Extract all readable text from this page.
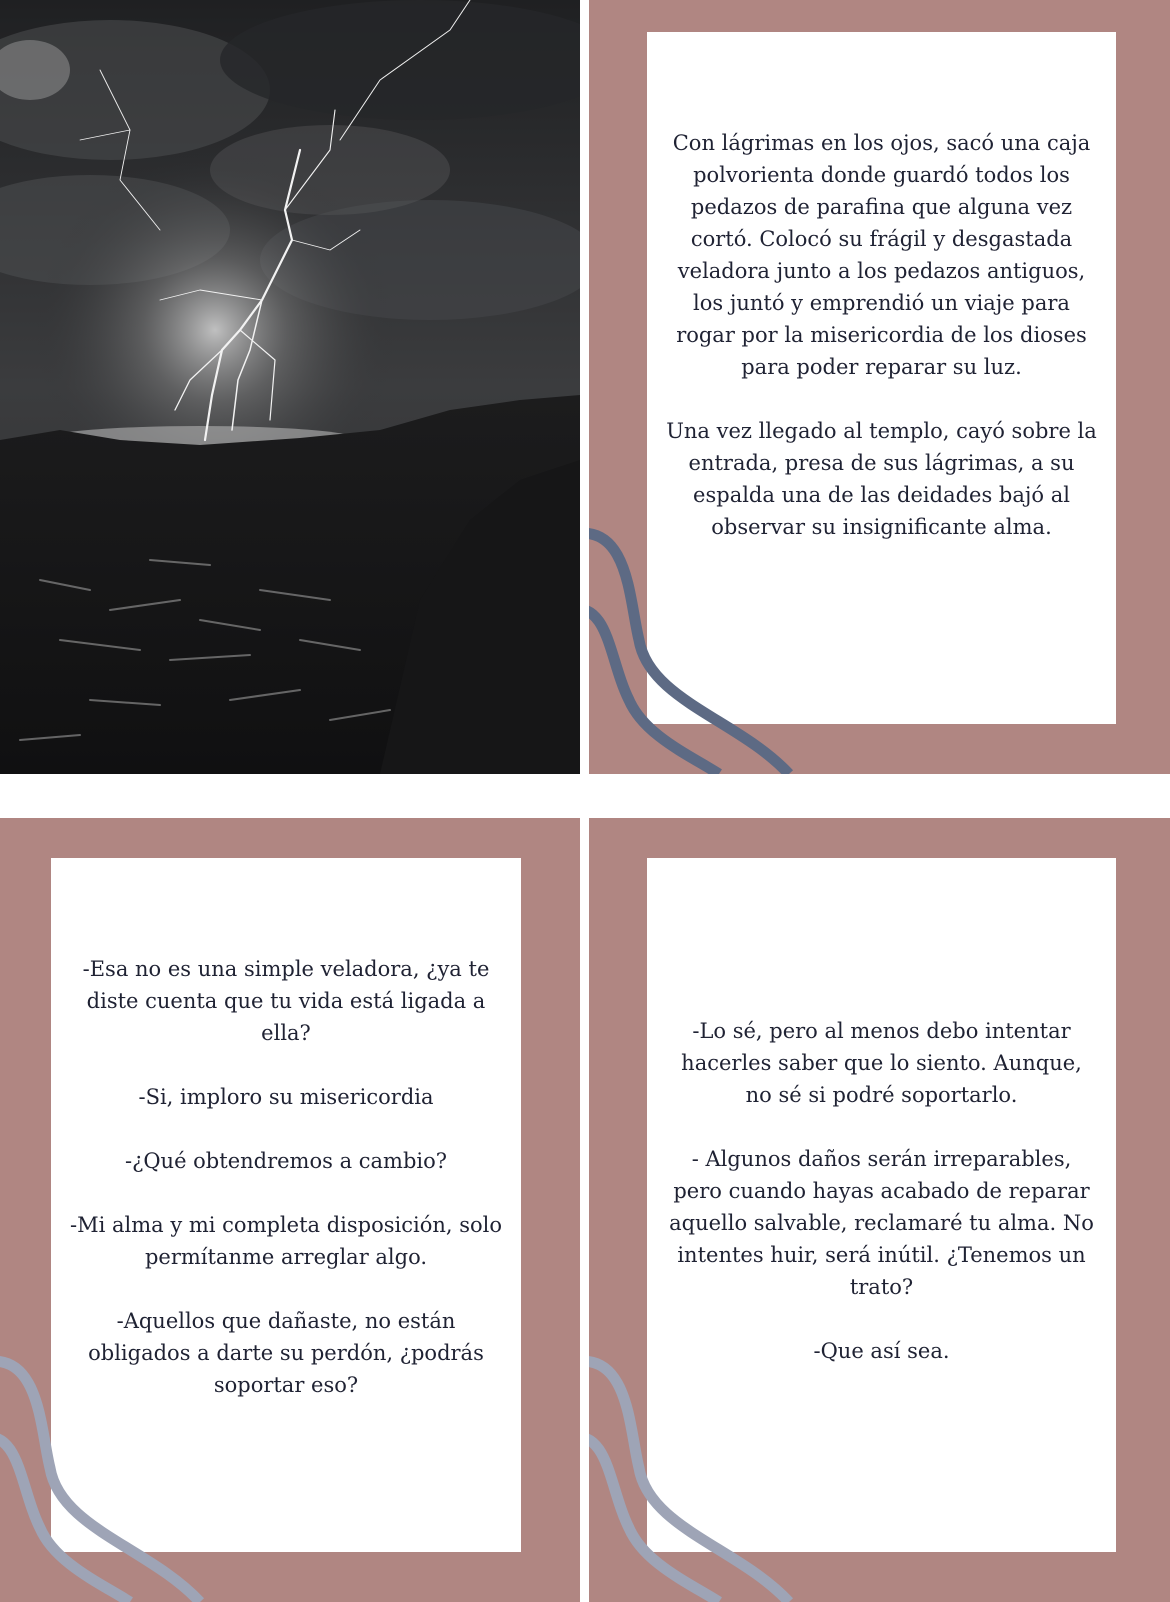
Con lágrimas en los ojos, sacó una caja polvorienta donde guardó todos los pedazos de parafina que alguna vez cortó. Colocó su frágil y desgastada veladora junto a los pedazos antiguos, los juntó y emprendió un viaje para rogar por la misericordia de los dioses para poder reparar su luz.

Una vez llegado al templo, cayó sobre la entrada, presa de sus lágrimas, a su espalda una de las deidades bajó al observar su insignificante alma.

-Esa no es una simple veladora, ¿ya te diste cuenta que tu vida está ligada a ella?

-Si, imploro su misericordia

-¿Qué obtendremos a cambio?

-Mi alma y mi completa disposición, solo permítanme arreglar algo.

-Aquellos que dañaste, no están obligados a darte su perdón, ¿podrás soportar eso?

-Lo sé, pero al menos debo intentar hacerles saber que lo siento. Aunque, no sé si podré soportarlo.

- Algunos daños serán irreparables, pero cuando hayas acabado de reparar aquello salvable, reclamaré tu alma. No intentes huir, será inútil. ¿Tenemos un trato?

-Que así sea.
